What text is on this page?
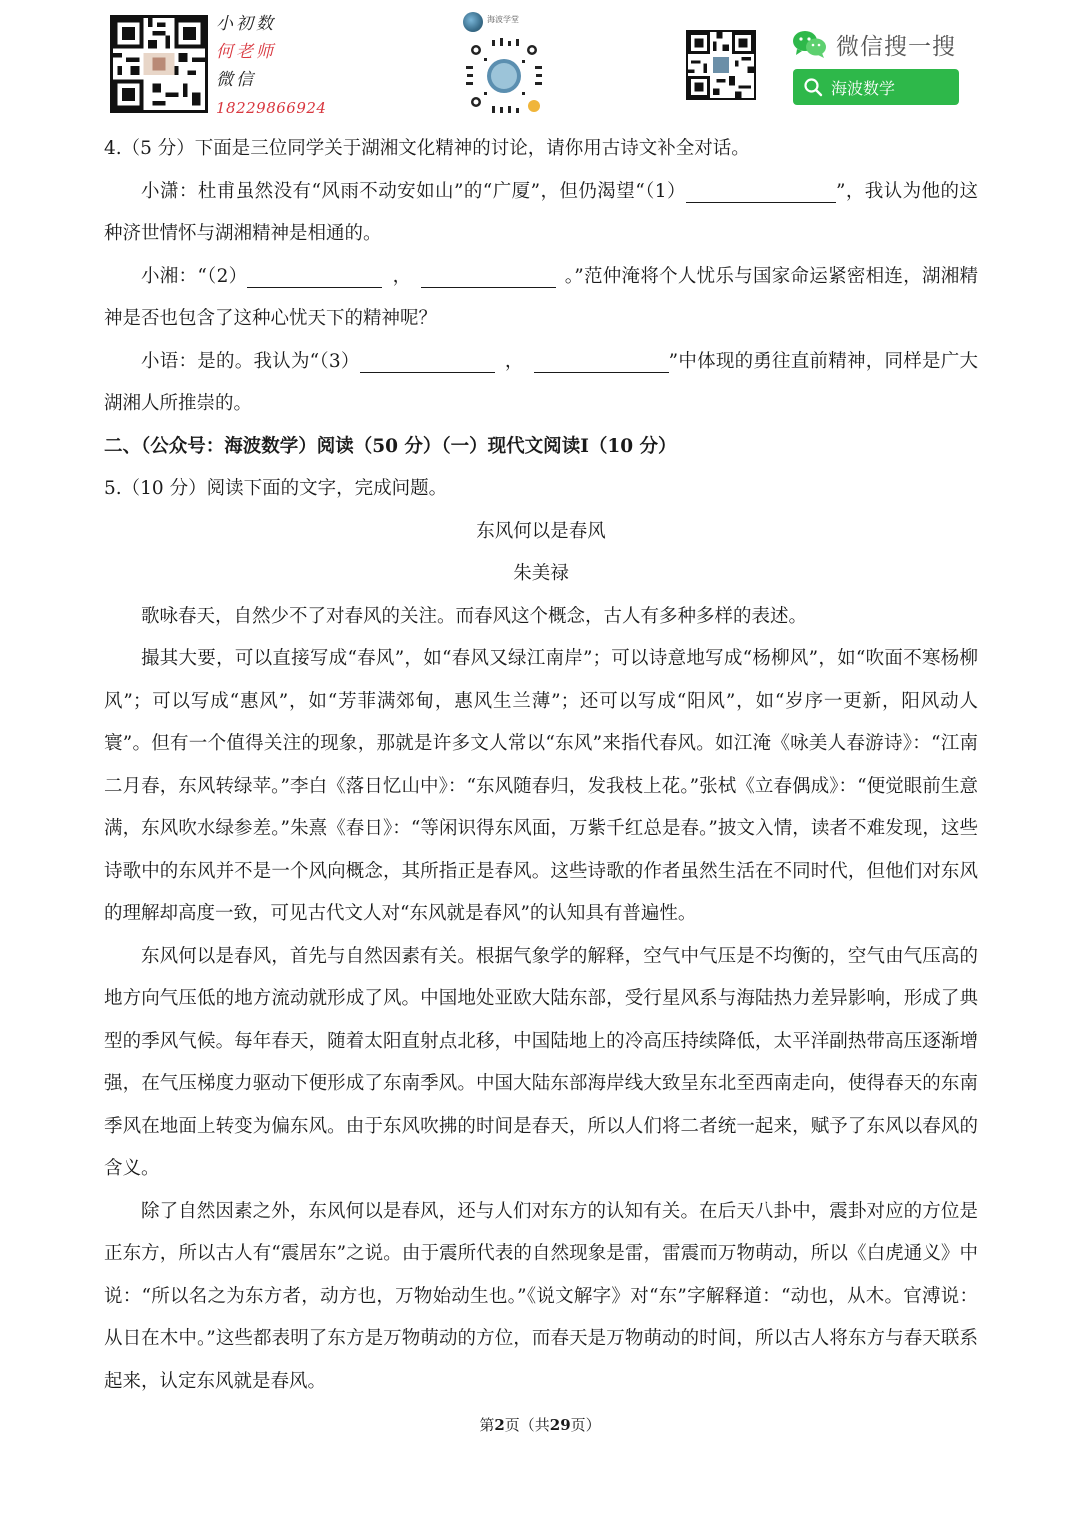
小初数
何老师
微信
18229866924
海波学堂
微信搜一搜
海波数学

4.（5 分）下面是三位同学关于湖湘文化精神的讨论，请你用古诗文补全对话。

小潇：杜甫虽然没有“风雨不动安如山”的“广厦”，但仍渴望“（1）	”，我认为他的这种济世情怀与湖湘精神是相通的。

小湘：“（2）	，	。”范仲淹将个人忧乐与国家命运紧密相连，湖湘精神是否也包含了这种心忧天下的精神呢？

小语：是的。我认为“（3）	，	”中体现的勇往直前精神，同样是广大湖湘人所推崇的。

二、（公众号：海波数学）阅读（50 分）（一）现代文阅读I（10 分）

5.（10 分）阅读下面的文字，完成问题。

东风何以是春风

朱美禄

歌咏春天，自然少不了对春风的关注。而春风这个概念，古人有多种多样的表述。

撮其大要，可以直接写成“春风”，如“春风又绿江南岸”；可以诗意地写成“杨柳风”，如“吹面不寒杨柳风”；可以写成“惠风”，如“芳菲满郊甸，惠风生兰薄”；还可以写成“阳风”，如“岁序一更新，阳风动人寰”。但有一个值得关注的现象，那就是许多文人常以“东风”来指代春风。如江淹《咏美人春游诗》：“江南二月春，东风转绿苹。”李白《落日忆山中》：“东风随春归，发我枝上花。”张栻《立春偶成》：“便觉眼前生意满，东风吹水绿参差。”朱熹《春日》：“等闲识得东风面，万紫千红总是春。”披文入情，读者不难发现，这些诗歌中的东风并不是一个风向概念，其所指正是春风。这些诗歌的作者虽然生活在不同时代，但他们对东风的理解却高度一致，可见古代文人对“东风就是春风”的认知具有普遍性。

东风何以是春风，首先与自然因素有关。根据气象学的解释，空气中气压是不均衡的，空气由气压高的地方向气压低的地方流动就形成了风。中国地处亚欧大陆东部，受行星风系与海陆热力差异影响，形成了典型的季风气候。每年春天，随着太阳直射点北移，中国陆地上的冷高压持续降低，太平洋副热带高压逐渐增强，在气压梯度力驱动下便形成了东南季风。中国大陆东部海岸线大致呈东北至西南走向，使得春天的东南季风在地面上转变为偏东风。由于东风吹拂的时间是春天，所以人们将二者统一起来，赋予了东风以春风的含义。

除了自然因素之外，东风何以是春风，还与人们对东方的认知有关。在后天八卦中，震卦对应的方位是正东方，所以古人有“震居东”之说。由于震所代表的自然现象是雷，雷震而万物萌动，所以《白虎通义》中说：“所以名之为东方者，动方也，万物始动生也。”《说文解字》对“东”字解释道：“动也，从木。官溥说：从日在木中。”这些都表明了东方是万物萌动的方位，而春天是万物萌动的时间，所以古人将东方与春天联系起来，认定东风就是春风。

第2页（共29页）
